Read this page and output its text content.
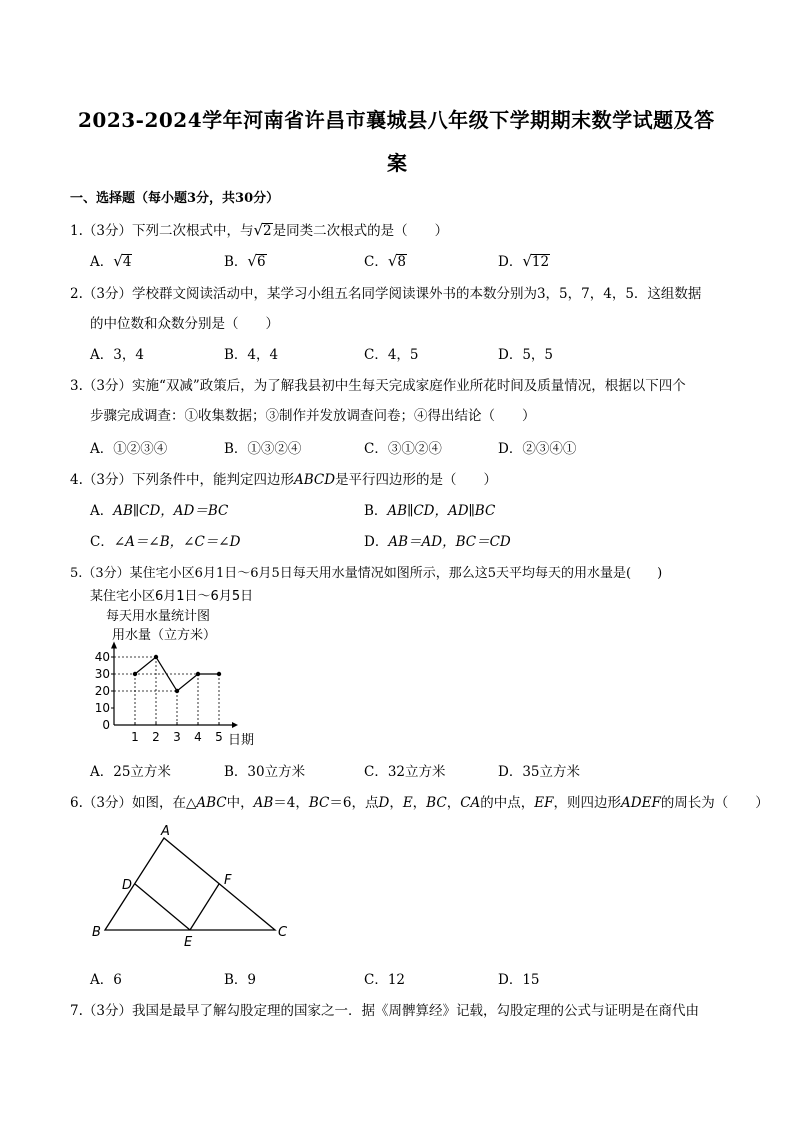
2023-2024学年河南省许昌市襄城县八年级下学期期末数学试题及答
案
一、选择题（每小题3分，共30分）
1.（3分）下列二次根式中，与√2是同类二次根式的是（　　）
A．√4	B．√6	C．√8	D．√12
2.（3分）学校群文阅读活动中，某学习小组五名同学阅读课外书的本数分别为3，5，7，4，5．这组数据
的中位数和众数分别是（　　）
A．3，4	B．4，4	C．4，5	D．5，5
3.（3分）实施“双减”政策后，为了解我县初中生每天完成家庭作业所花时间及质量情况，根据以下四个
步骤完成调查：①收集数据；③制作并发放调查问卷；④得出结论（　　）
A．①②③④	B．①③②④	C．③①②④	D．②③④①
4.（3分）下列条件中，能判定四边形ABCD是平行四边形的是（　　）
A．AB∥CD，AD＝BC	B．AB∥CD，AD∥BC
C．∠A＝∠B，∠C＝∠D	D．AB＝AD，BC＝CD
5.（3分）某住宅小区6月1日～6月5日每天用水量情况如图所示，那么这5天平均每天的用水量是(　　)
某住宅小区6月1日～6月5日
每天用水量统计图
用水量（立方米）
0
10
20
30
40
1 2 3 4 5 日期
A．25立方米	B．30立方米	C．32立方米	D．35立方米
6.（3分）如图，在△ABC中，AB＝4，BC＝6，点D，E，BC，CA的中点，EF，则四边形ADEF的周长为（　　）
A
B	C
D
E
F
A．6	B．9	C．12	D．15
7.（3分）我国是最早了解勾股定理的国家之一．据《周髀算经》记载，勾股定理的公式与证明是在商代由
